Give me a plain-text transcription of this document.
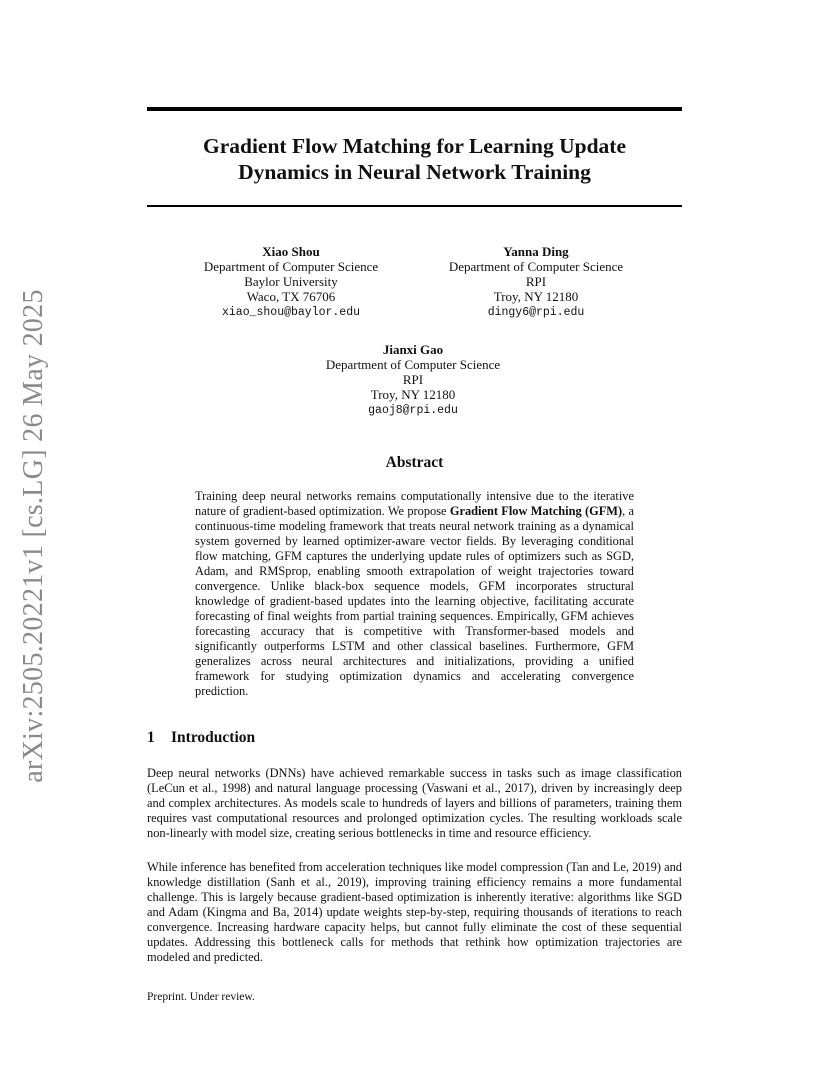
arXiv:2505.20221v1 [cs.LG] 26 May 2025
Gradient Flow Matching for Learning Update
Dynamics in Neural Network Training
Xiao Shou
Department of Computer Science
Baylor University
Waco, TX 76706
xiao_shou@baylor.edu
Yanna Ding
Department of Computer Science
RPI
Troy, NY 12180
dingy6@rpi.edu
Jianxi Gao
Department of Computer Science
RPI
Troy, NY 12180
gaoj8@rpi.edu
Abstract

Training deep neural networks remains computationally intensive due to the iterative nature of gradient-based optimization. We propose Gradient Flow Matching (GFM), a continuous-time modeling framework that treats neural network training as a dynamical system governed by learned optimizer-aware vector fields. By leveraging conditional flow matching, GFM captures the underlying update rules of optimizers such as SGD, Adam, and RMSprop, enabling smooth extrapolation of weight trajectories toward convergence. Unlike black-box sequence models, GFM incorporates structural knowledge of gradient-based updates into the learning objective, facilitating accurate forecasting of final weights from partial training sequences. Empirically, GFM achieves forecasting accuracy that is competitive with Transformer-based models and significantly outperforms LSTM and other classical baselines. Furthermore, GFM generalizes across neural architectures and initializations, providing a unified framework for studying optimization dynamics and accelerating convergence prediction.

1 Introduction

Deep neural networks (DNNs) have achieved remarkable success in tasks such as image classification (LeCun et al., 1998) and natural language processing (Vaswani et al., 2017), driven by increasingly deep and complex architectures. As models scale to hundreds of layers and billions of parameters, training them requires vast computational resources and prolonged optimization cycles. The resulting workloads scale non-linearly with model size, creating serious bottlenecks in time and resource efficiency.

While inference has benefited from acceleration techniques like model compression (Tan and Le, 2019) and knowledge distillation (Sanh et al., 2019), improving training efficiency remains a more fundamental challenge. This is largely because gradient-based optimization is inherently iterative: algorithms like SGD and Adam (Kingma and Ba, 2014) update weights step-by-step, requiring thousands of iterations to reach convergence. Increasing hardware capacity helps, but cannot fully eliminate the cost of these sequential updates. Addressing this bottleneck calls for methods that rethink how optimization trajectories are modeled and predicted.

Preprint. Under review.
